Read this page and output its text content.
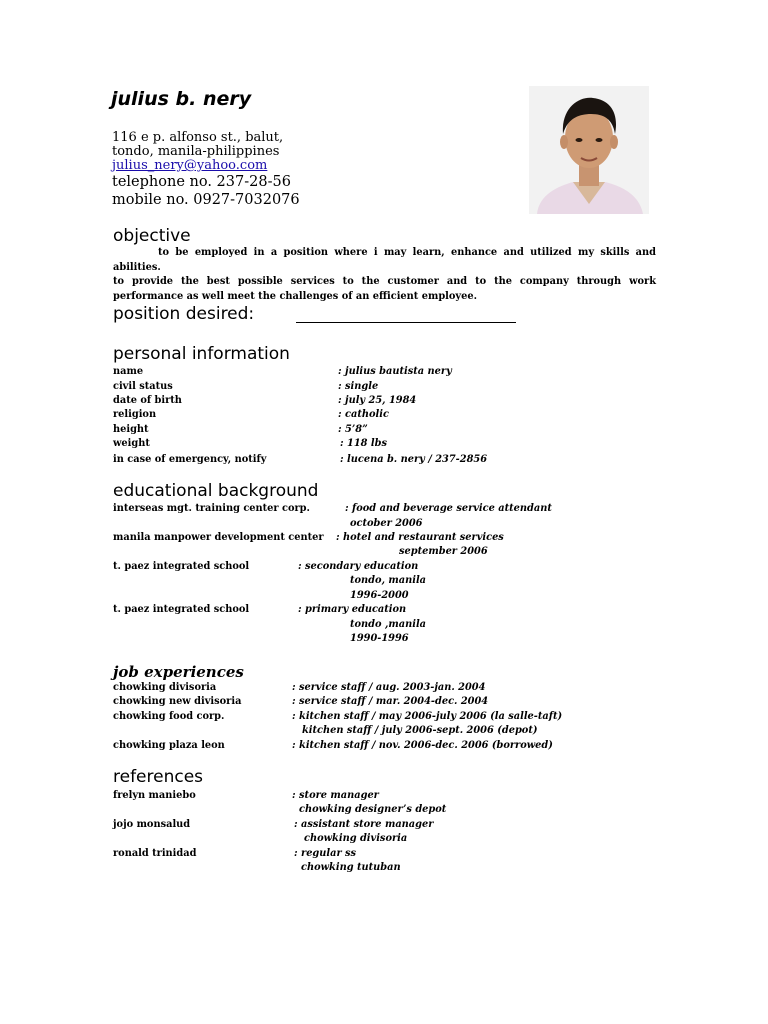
julius b. nery
116 e p. alfonso st., balut,
tondo, manila-philippines
julius_nery@yahoo.com
telephone no. 237-28-56
mobile no. 0927-7032076
objective

to be employed in a position where i may learn, enhance and utilized my skills and abilities.

to provide the best possible services to the customer and to the company through work performance as well meet the challenges of an efficient employee.

position desired:
personal information
name	: julius bautista nery
civil status	: single
date of birth	: july 25, 1984
religion	: catholic
height	: 5’8”
weight	: 118 lbs
in case of emergency, notify	: lucena b. nery / 237-2856
educational background
interseas mgt. training center corp.	: food and beverage service attendant
october 2006
manila manpower development center : hotel and restaurant services
september 2006
t. paez integrated school	: secondary education
tondo, manila
1996-2000
t. paez integrated school	: primary education
tondo ,manila
1990-1996
job experiences
chowking divisoria	: service staff / aug. 2003-jan. 2004
chowking new divisoria	: service staff / mar. 2004-dec. 2004
chowking food corp.	: kitchen staff / may 2006-july 2006 (la salle-taft)
kitchen staff / july 2006-sept. 2006 (depot)
chowking plaza leon	: kitchen staff / nov. 2006-dec. 2006 (borrowed)
references
frelyn maniebo	: store manager
chowking designer’s depot
jojo monsalud	: assistant store manager
chowking divisoria
ronald trinidad	: regular ss
chowking tutuban
